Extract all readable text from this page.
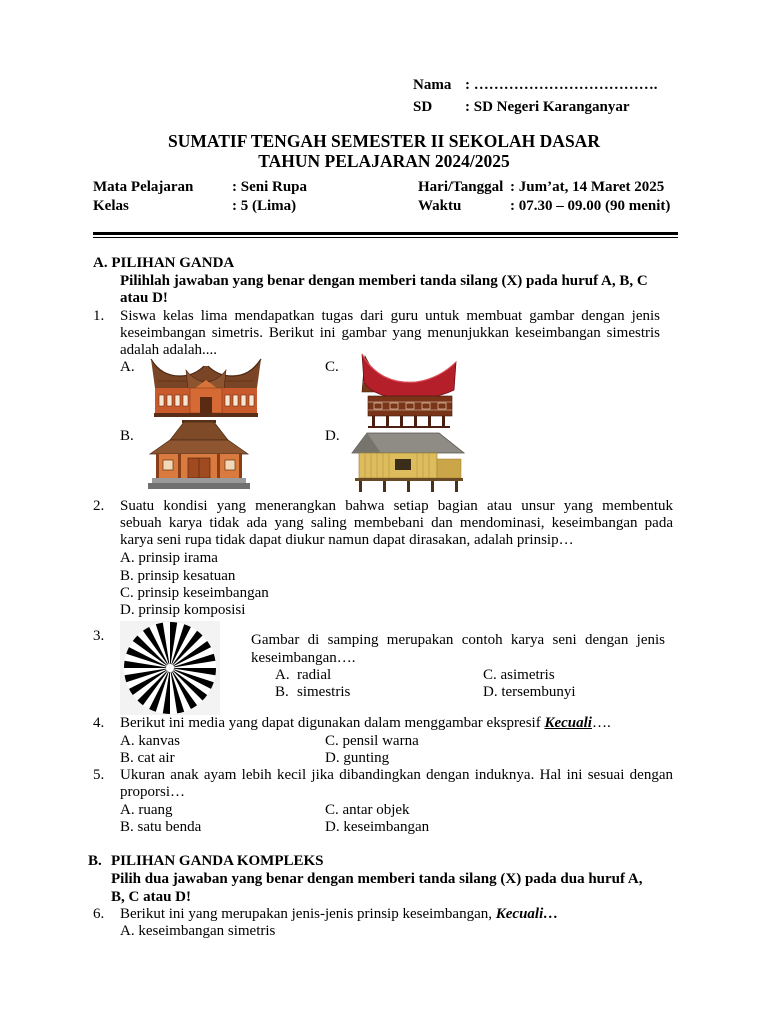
Nama : ……………………………….
SD : SD Negeri Karanganyar
SUMATIF TENGAH SEMESTER II SEKOLAH DASAR
TAHUN PELAJARAN 2024/2025
Mata Pelajaran	: Seni Rupa	Hari/Tanggal : Jum’at, 14 Maret 2025
Kelas	: 5 (Lima)	Waktu	: 07.30 – 09.00 (90 menit)
A. PILIHAN GANDA
Pilihlah jawaban yang benar dengan memberi tanda silang (X) pada huruf A, B, C
atau D!
1. Siswa kelas lima mendapatkan tugas dari guru untuk membuat gambar dengan jenis
keseimbangan simetris. Berikut ini gambar yang menunjukkan keseimbangan simestris
adalah adalah....
A.	C.
B.	D.
2. Suatu kondisi yang menerangkan bahwa setiap bagian atau unsur yang membentuk
sebuah karya tidak ada yang saling membebani dan mendominasi, keseimbangan pada
karya seni rupa tidak dapat diukur namun dapat dirasakan, adalah prinsip…
A. prinsip irama
B. prinsip kesatuan
C. prinsip keseimbangan
D. prinsip komposisi
3.	Gambar di samping merupakan contoh karya seni dengan jenis
keseimbangan….
A. radial	C. asimetris
B. simestris	D. tersembunyi
4. Berikut ini media yang dapat digunakan dalam menggambar ekspresif Kecuali….
A. kanvas	C. pensil warna
B. cat air	D. gunting
5. Ukuran anak ayam lebih kecil jika dibandingkan dengan induknya. Hal ini sesuai dengan
proporsi…
A. ruang	C. antar objek
B. satu benda	D. keseimbangan
B. PILIHAN GANDA KOMPLEKS
Pilih dua jawaban yang benar dengan memberi tanda silang (X) pada dua huruf A,
B, C atau D!
6. Berikut ini yang merupakan jenis-jenis prinsip keseimbangan, Kecuali…
A. keseimbangan simetris
